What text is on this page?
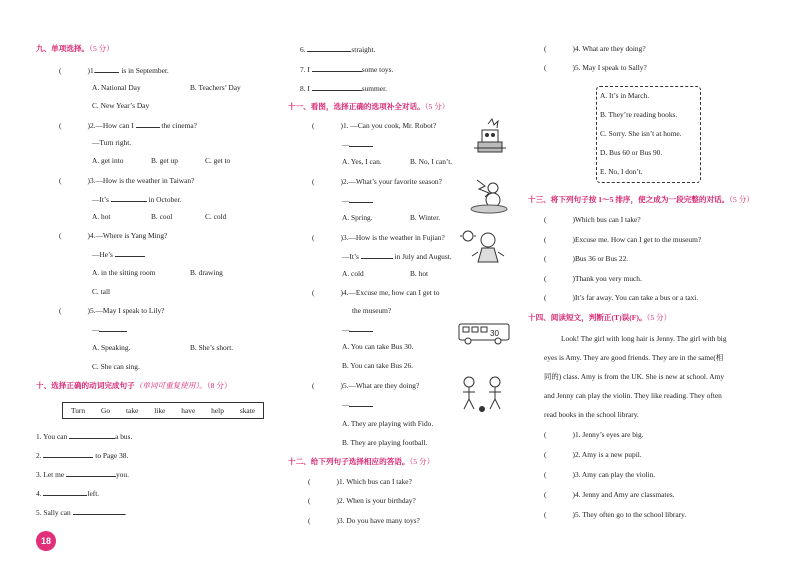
九、单项选择。（5 分）
(	)1.	is in September.
A. National Day	B. Teachers’ Day
C. New Year’s Day
(	)2.—How can I	the cinema?
—Turn right.
A. get into	B. get up	C. get to
(	)3.—How is the weather in Taiwan?
—It’s	in October.
A. hot	B. cool	C. cold
(	)4.—Where is Yang Ming?
—He’s
A. in the sitting room	B. drawing
C. tall
(	)5.—May I speak to Lily?
—
A. Speaking.	B. She’s short.
C. She can sing.
十、选择正确的动词完成句子（单词可重复使用）。（8 分）
Turn Go take like have help skate
1. You can	a bus.
2.	to Page 38.
3. Let me	you.
4.	left.
5. Sally can	.
18
6.	straight.
7. I	some toys.
8. I	summer.
十一、看图，选择正确的选项补全对话。（5 分）
(	)1. —Can you cook, Mr. Robot?
—
A. Yes, I can.	B. No, I can’t.
(	)2.—What’s your favorite season?
—
A. Spring.	B. Winter.
(	)3.—How is the weather in Fujian?
—It’s	in July and August.
A. cold	B. hot
(	)4.—Excuse me, how can I get to
the museum?
—
A. You can take Bus 30.
B. You can take Bus 26.
(	)5.—What are they doing?
—
A. They are playing with Fido.
B. They are playing football.
30
十二、给下列句子选择相应的答语。（5 分）
(	)1. Which bus can I take?
(	)2. When is your birthday?
(	)3. Do you have many toys?
(	)4. What are they doing?
(	)5. May I speak to Sally?
A. It’s in March.
B. They’re reading books.
C. Sorry. She isn’t at home.
D. Bus 60 or Bus 90.
E. No, I don’t.
十三、将下列句子按 1～5 排序，使之成为一段完整的对话。（5 分）
(	)Which bus can I take?
(	)Excuse me. How can I get to the museum?
(	)Bus 36 or Bus 22.
(	)Thank you very much.
(	)It’s far away. You can take a bus or a taxi.
十四、阅读短文，判断正(T)误(F)。（5 分）
Look! The girl with long hair is Jenny. The girl with big
eyes is Amy. They are good friends. They are in the same(相
同的) class. Amy is from the UK. She is new at school. Amy
and Jenny can play the violin. They like reading. They often
read books in the school library.
(	)1. Jenny’s eyes are big.
(	)2. Amy is a new pupil.
(	)3. Amy can play the violin.
(	)4. Jenny and Amy are classmates.
(	)5. They often go to the school library.
